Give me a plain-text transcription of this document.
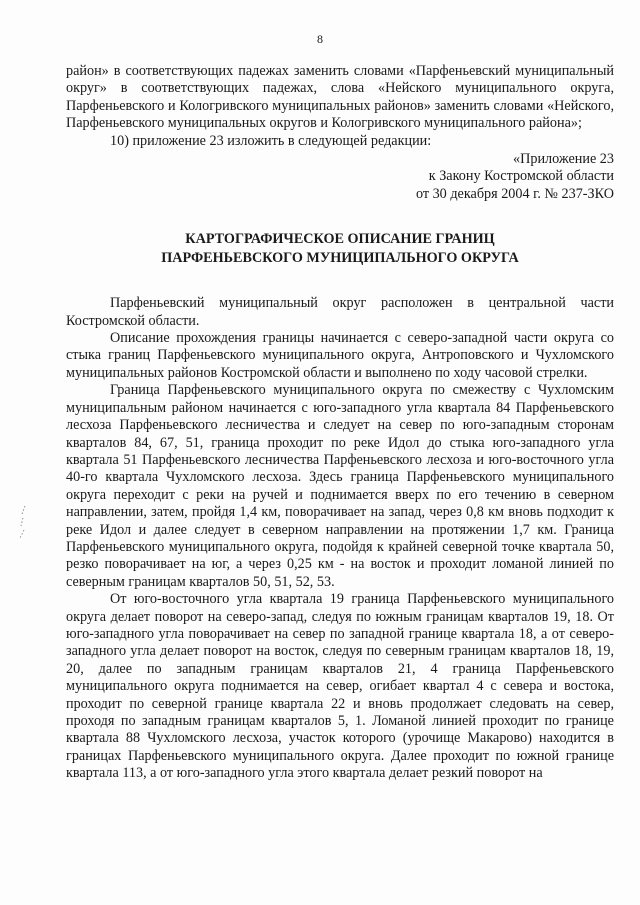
8

район» в соответствующих падежах заменить словами «Парфеньевский муниципальный округ» в соответствующих падежах, слова «Нейского муниципального округа, Парфеньевского и Кологривского муниципальных районов» заменить словами «Нейского, Парфеньевского муниципальных округов и Кологривского муниципального района»;

10) приложение 23 изложить в следующей редакции:

«Приложение 23

к Закону Костромской области

от 30 декабря 2004 г. № 237-ЗКО

КАРТОГРАФИЧЕСКОЕ ОПИСАНИЕ ГРАНИЦ
ПАРФЕНЬЕВСКОГО МУНИЦИПАЛЬНОГО ОКРУГА

Парфеньевский муниципальный округ расположен в центральной части Костромской области.

Описание прохождения границы начинается с северо-западной части округа со стыка границ Парфеньевского муниципального округа, Антроповского и Чухломского муниципальных районов Костромской области и выполнено по ходу часовой стрелки.

Граница Парфеньевского муниципального округа по смежеству с Чухломским муниципальным районом начинается с юго-западного угла квартала 84 Парфеньевского лесхоза Парфеньевского лесничества и следует на север по юго-западным сторонам кварталов 84, 67, 51, граница проходит по реке Идол до стыка юго-западного угла квартала 51 Парфеньевского лесничества Парфеньевского лесхоза и юго-восточного угла 40-го квартала Чухломского лесхоза. Здесь граница Парфеньевского муниципального округа переходит с реки на ручей и поднимается вверх по его течению в северном направлении, затем, пройдя 1,4 км, поворачивает на запад, через 0,8 км вновь подходит к реке Идол и далее следует в северном направлении на протяжении 1,7 км. Граница Парфеньевского муниципального округа, подойдя к крайней северной точке квартала 50, резко поворачивает на юг, а через 0,25 км - на восток и проходит ломаной линией по северным границам кварталов 50, 51, 52, 53.

От юго-восточного угла квартала 19 граница Парфеньевского муниципального округа делает поворот на северо-запад, следуя по южным границам кварталов 19, 18. От юго-западного угла поворачивает на север по западной границе квартала 18, а от северо-западного угла делает поворот на восток, следуя по северным границам кварталов 18, 19, 20, далее по западным границам кварталов 21, 4 граница Парфеньевского муниципального округа поднимается на север, огибает квартал 4 с севера и востока, проходит по северной границе квартала 22 и вновь продолжает следовать на север, проходя по западным границам кварталов 5, 1. Ломаной линией проходит по границе квартала 88 Чухломского лесхоза, участок которого (урочище Макарово) находится в границах Парфеньевского муниципального округа. Далее проходит по южной границе квартала 113, а от юго-западного угла этого квартала делает резкий поворот на
